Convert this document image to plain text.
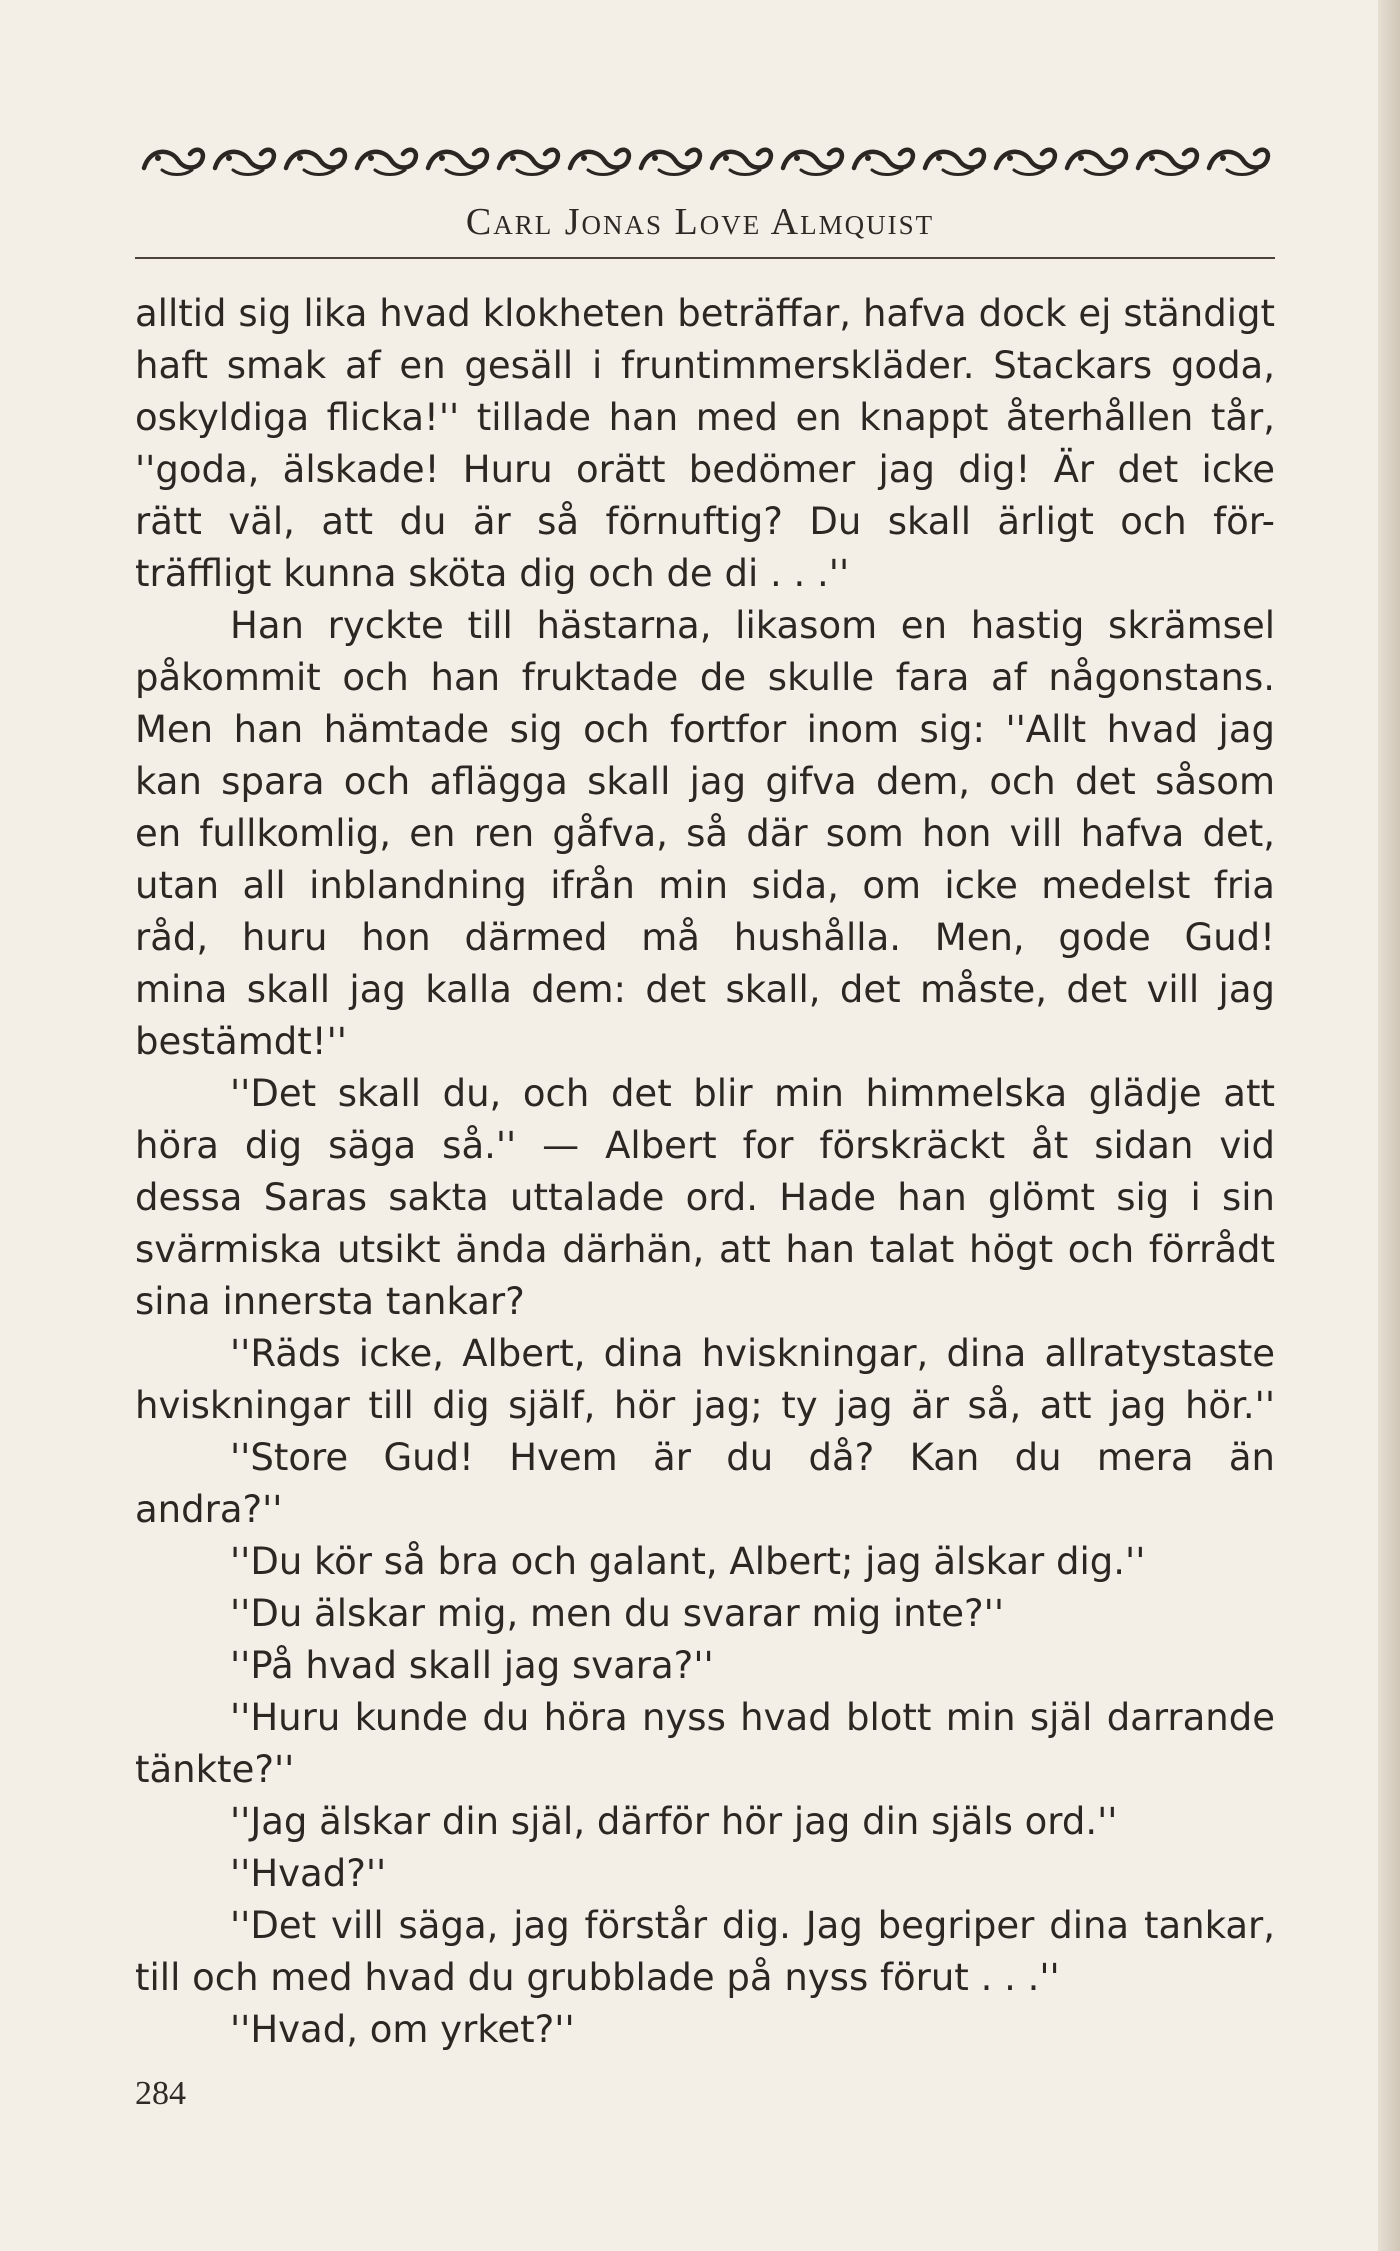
Carl Jonas Love Almquist
alltid sig lika hvad klokheten beträffar, hafva dock ej ständigt
haft smak af en gesäll i fruntimmerskläder. Stackars goda,
oskyldiga flicka!'' tillade han med en knappt återhållen tår,
''goda, älskade! Huru orätt bedömer jag dig! Är det icke
rätt väl, att du är så förnuftig? Du skall ärligt och för-
träffligt kunna sköta dig och de di . . .''
Han ryckte till hästarna, likasom en hastig skrämsel
påkommit och han fruktade de skulle fara af någonstans.
Men han hämtade sig och fortfor inom sig: ''Allt hvad jag
kan spara och aflägga skall jag gifva dem, och det såsom
en fullkomlig, en ren gåfva, så där som hon vill hafva det,
utan all inblandning ifrån min sida, om icke medelst fria
råd, huru hon därmed må hushålla. Men, gode Gud!
mina skall jag kalla dem: det skall, det måste, det vill jag
bestämdt!''
''Det skall du, och det blir min himmelska glädje att
höra dig säga så.'' — Albert for förskräckt åt sidan vid
dessa Saras sakta uttalade ord. Hade han glömt sig i sin
svärmiska utsikt ända därhän, att han talat högt och förrådt
sina innersta tankar?
''Räds icke, Albert, dina hviskningar, dina allratystaste
hviskningar till dig själf, hör jag; ty jag är så, att jag hör.''
''Store Gud! Hvem är du då? Kan du mera än
andra?''
''Du kör så bra och galant, Albert; jag älskar dig.''
''Du älskar mig, men du svarar mig inte?''
''På hvad skall jag svara?''
''Huru kunde du höra nyss hvad blott min själ darrande
tänkte?''
''Jag älskar din själ, därför hör jag din själs ord.''
''Hvad?''
''Det vill säga, jag förstår dig. Jag begriper dina tankar,
till och med hvad du grubblade på nyss förut . . .''
''Hvad, om yrket?''
284
